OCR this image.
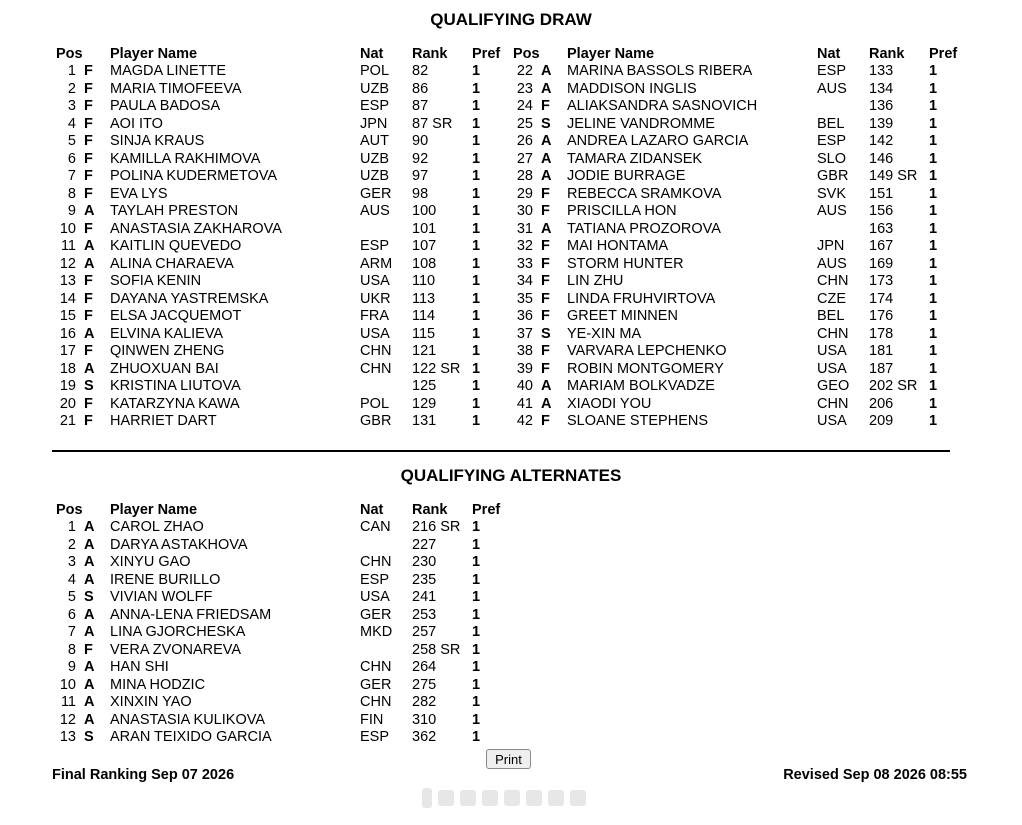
QUALIFYING DRAW
Pos Player Name	Nat Rank Pref Pos Player Name	Nat Rank Pref
1 F MAGDA LINETTE	POL 82	1
2 F MARIA TIMOFEEVA	UZB 86	1
3 F PAULA BADOSA	ESP 87	1
4 F AOI ITO	JPN 87 SR 1
5 F SINJA KRAUS	AUT 90	1
6 F KAMILLA RAKHIMOVA	UZB 92	1
7 F POLINA KUDERMETOVA	UZB 97	1
8 F EVA LYS	GER 98	1
9 A TAYLAH PRESTON	AUS 100 1
10 F ANASTASIA ZAKHAROVA	101 1
11 A KAITLIN QUEVEDO	ESP 107 1
12 A ALINA CHARAEVA	ARM 108 1
13 F SOFIA KENIN	USA 110	1
14 F DAYANA YASTREMSKA	UKR 113	1
15 F ELSA JACQUEMOT	FRA 114	1
16 A ELVINA KALIEVA	USA 115	1
17 F QINWEN ZHENG	CHN 121 1
18 A ZHUOXUAN BAI	CHN 122 SR 1
19 S KRISTINA LIUTOVA	125 1
20 F KATARZYNA KAWA	POL 129 1
21 F HARRIET DART	GBR 131 1
22 A MARINA BASSOLS RIBERA	ESP 133 1
23 A MADDISON INGLIS	AUS 134 1
24 F ALIAKSANDRA SASNOVICH	136 1
25 S JELINE VANDROMME	BEL 139 1
26 A ANDREA LAZARO GARCIA	ESP 142 1
27 A TAMARA ZIDANSEK	SLO 146 1
28 A JODIE BURRAGE	GBR 149 SR 1
29 F REBECCA SRAMKOVA	SVK 151 1
30 F PRISCILLA HON	AUS 156 1
31 A TATIANA PROZOROVA	163 1
32 F MAI HONTAMA	JPN 167 1
33 F STORM HUNTER	AUS 169 1
34 F LIN ZHU	CHN 173 1
35 F LINDA FRUHVIRTOVA	CZE 174 1
36 F GREET MINNEN	BEL 176 1
37 S YE-XIN MA	CHN 178 1
38 F VARVARA LEPCHENKO	USA 181 1
39 F ROBIN MONTGOMERY	USA 187 1
40 A MARIAM BOLKVADZE	GEO 202 SR 1
41 A XIAODI YOU	CHN 206 1
42 F SLOANE STEPHENS	USA 209 1
QUALIFYING ALTERNATES
Pos Player Name	Nat Rank Pref
1 A CAROL ZHAO	CAN 216 SR 1
2 A DARYA ASTAKHOVA	227 1
3 A XINYU GAO	CHN 230 1
4 A IRENE BURILLO	ESP 235 1
5 S VIVIAN WOLFF	USA 241 1
6 A ANNA-LENA FRIEDSAM	GER 253 1
7 A LINA GJORCHESKA	MKD 257 1
8 F VERA ZVONAREVA	258 SR 1
9 A HAN SHI	CHN 264 1
10 A MINA HODZIC	GER 275 1
11 A XINXIN YAO	CHN 282 1
12 A ANASTASIA KULIKOVA	FIN 310 1
13 S ARAN TEIXIDO GARCIA	ESP 362 1
Print
Final Ranking Sep 07 2026	Revised Sep 08 2026 08:55
